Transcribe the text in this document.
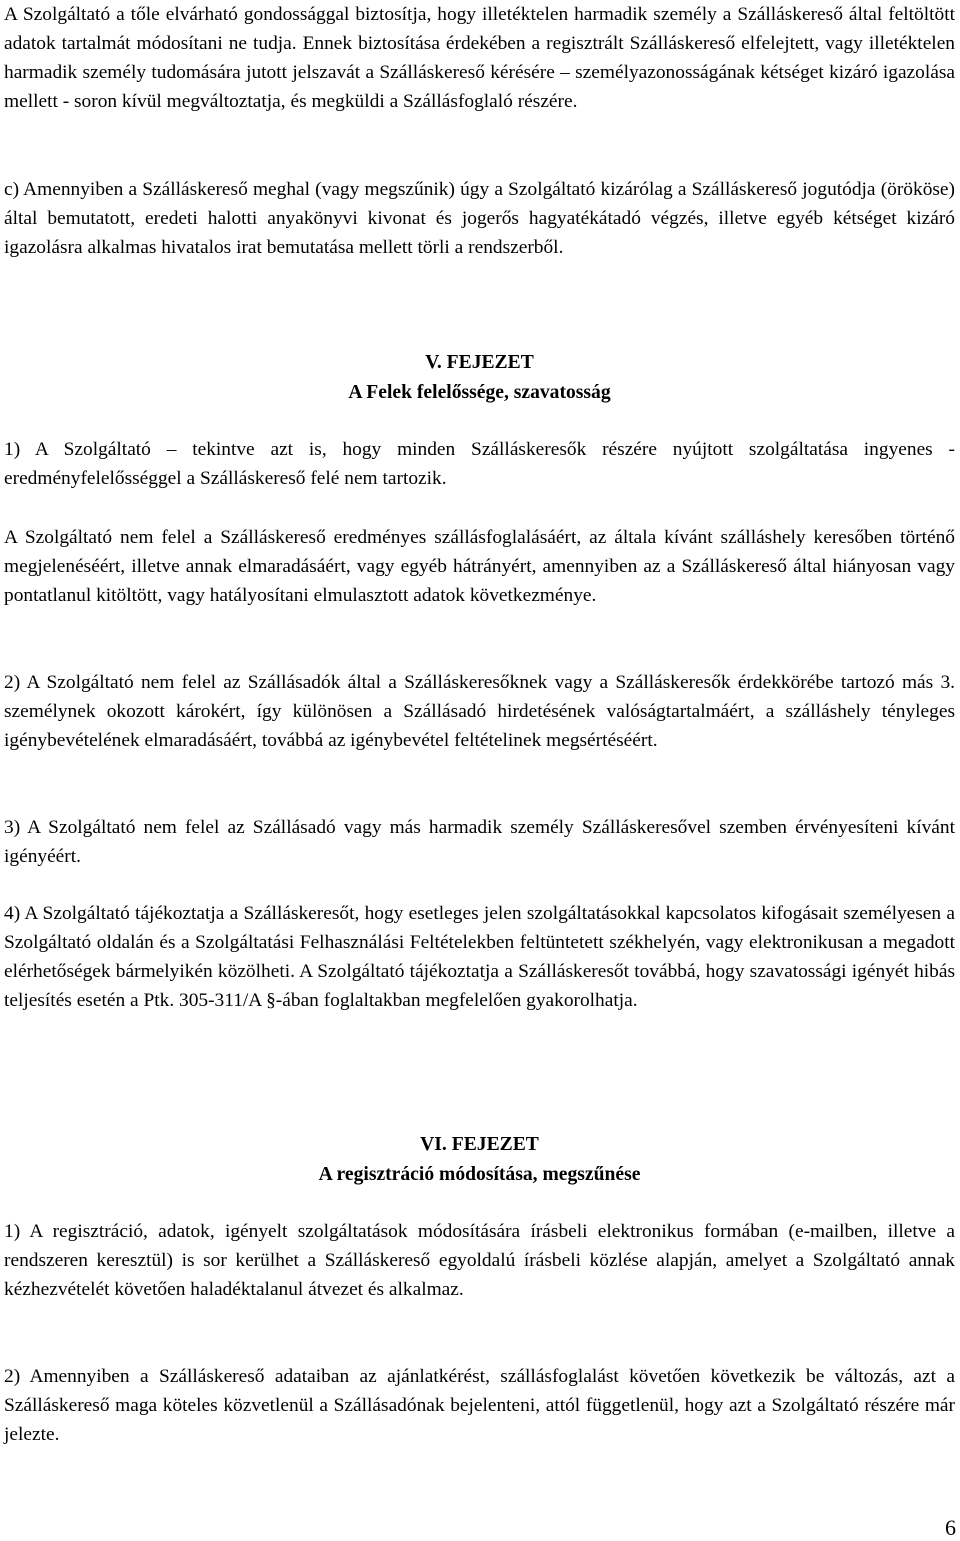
A Szolgáltató a tőle elvárható gondossággal biztosítja, hogy illetéktelen harmadik személy a Szálláskereső által feltöltött adatok tartalmát módosítani ne tudja. Ennek biztosítása érdekében a regisztrált Szálláskereső elfelejtett, vagy illetéktelen harmadik személy tudomására jutott jelszavát a Szálláskereső kérésére – személyazonosságának kétséget kizáró igazolása mellett - soron kívül megváltoztatja, és megküldi a Szállásfoglaló részére.

c) Amennyiben a Szálláskereső meghal (vagy megszűnik) úgy a Szolgáltató kizárólag a Szálláskereső jogutódja (örököse) által bemutatott, eredeti halotti anyakönyvi kivonat és jogerős hagyatékátadó végzés, illetve egyéb kétséget kizáró igazolásra alkalmas hivatalos irat bemutatása mellett törli a rendszerből.

V. FEJEZET

A Felek felelőssége, szavatosság

1) A Szolgáltató – tekintve azt is, hogy minden Szálláskeresők részére nyújtott szolgáltatása ingyenes - eredményfelelősséggel a Szálláskereső felé nem tartozik.

A Szolgáltató nem felel a Szálláskereső eredményes szállásfoglalásáért, az általa kívánt szálláshely keresőben történő megjelenéséért, illetve annak elmaradásáért, vagy egyéb hátrányért, amennyiben az a Szálláskereső által hiányosan vagy pontatlanul kitöltött, vagy hatályosítani elmulasztott adatok következménye.

2) A Szolgáltató nem felel az Szállásadók által a Szálláskeresőknek vagy a Szálláskeresők érdekkörébe tartozó más 3. személynek okozott károkért, így különösen a Szállásadó hirdetésének valóságtartalmáért, a szálláshely tényleges igénybevételének elmaradásáért, továbbá az igénybevétel feltételinek megsértéséért.

3) A Szolgáltató nem felel az Szállásadó vagy más harmadik személy Szálláskeresővel szemben érvényesíteni kívánt igényéért.

4) A Szolgáltató tájékoztatja a Szálláskeresőt, hogy esetleges jelen szolgáltatásokkal kapcsolatos kifogásait személyesen a Szolgáltató oldalán és a Szolgáltatási Felhasználási Feltételekben feltüntetett székhelyén, vagy elektronikusan a megadott elérhetőségek bármelyikén közölheti. A Szolgáltató tájékoztatja a Szálláskeresőt továbbá, hogy szavatossági igényét hibás teljesítés esetén a Ptk. 305-311/A §-ában foglaltakban megfelelően gyakorolhatja.

VI. FEJEZET

A regisztráció módosítása, megszűnése

1) A regisztráció, adatok, igényelt szolgáltatások módosítására írásbeli elektronikus formában (e-mailben, illetve a rendszeren keresztül) is sor kerülhet a Szálláskereső egyoldalú írásbeli közlése alapján, amelyet a Szolgáltató annak kézhezvételét követően haladéktalanul átvezet és alkalmaz.

2) Amennyiben a Szálláskereső adataiban az ajánlatkérést, szállásfoglalást követően következik be változás, azt a Szálláskereső maga köteles közvetlenül a Szállásadónak bejelenteni, attól függetlenül, hogy azt a Szolgáltató részére már jelezte.

6
